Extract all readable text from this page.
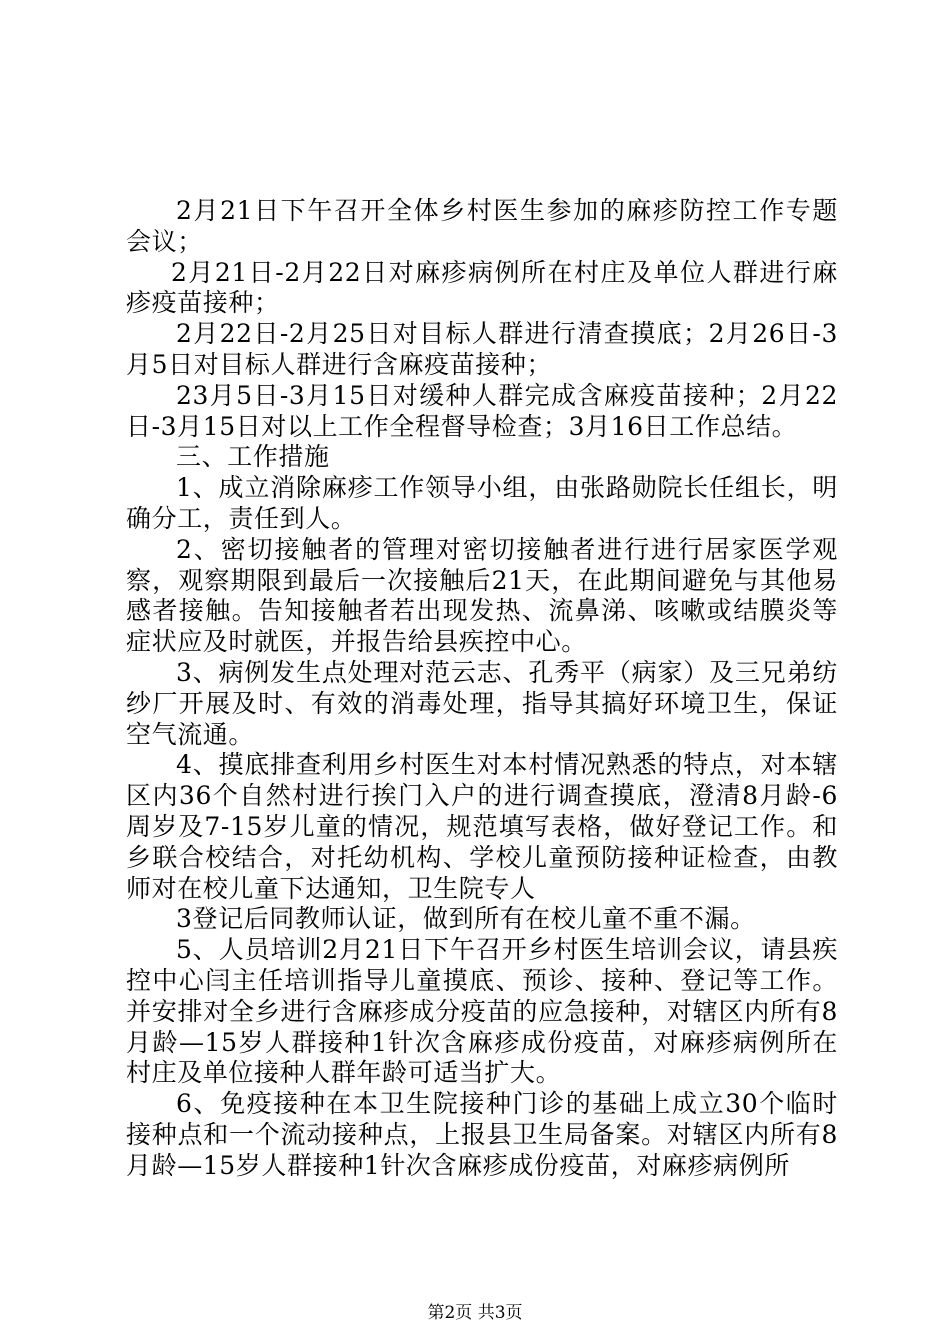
2月21日下午召开全体乡村医生参加的麻疹防控工作专题会议；

2月21日-2月22日对麻疹病例所在村庄及单位人群进行麻疹疫苗接种；

2月22日-2月25日对目标人群进行清查摸底；2月26日-3月5日对目标人群进行含麻疫苗接种；

23月5日-3月15日对缓种人群完成含麻疫苗接种；2月22日-3月15日对以上工作全程督导检查；3月16日工作总结。

三、工作措施

1、成立消除麻疹工作领导小组，由张路勋院长任组长，明确分工，责任到人。

2、密切接触者的管理对密切接触者进行进行居家医学观察，观察期限到最后一次接触后21天，在此期间避免与其他易感者接触。告知接触者若出现发热、流鼻涕、咳嗽或结膜炎等症状应及时就医，并报告给县疾控中心。

3、病例发生点处理对范云志、孔秀平（病家）及三兄弟纺纱厂开展及时、有效的消毒处理，指导其搞好环境卫生，保证空气流通。

4、摸底排查利用乡村医生对本村情况熟悉的特点，对本辖区内36个自然村进行挨门入户的进行调查摸底，澄清8月龄-6周岁及7-15岁儿童的情况，规范填写表格，做好登记工作。和乡联合校结合，对托幼机构、学校儿童预防接种证检查，由教师对在校儿童下达通知，卫生院专人

3登记后同教师认证，做到所有在校儿童不重不漏。

5、人员培训2月21日下午召开乡村医生培训会议，请县疾控中心闫主任培训指导儿童摸底、预诊、接种、登记等工作。并安排对全乡进行含麻疹成分疫苗的应急接种，对辖区内所有8月龄—15岁人群接种1针次含麻疹成份疫苗，对麻疹病例所在村庄及单位接种人群年龄可适当扩大。

6、免疫接种在本卫生院接种门诊的基础上成立30个临时接种点和一个流动接种点，上报县卫生局备案。对辖区内所有8月龄—15岁人群接种1针次含麻疹成份疫苗，对麻疹病例所

第2页 共3页
